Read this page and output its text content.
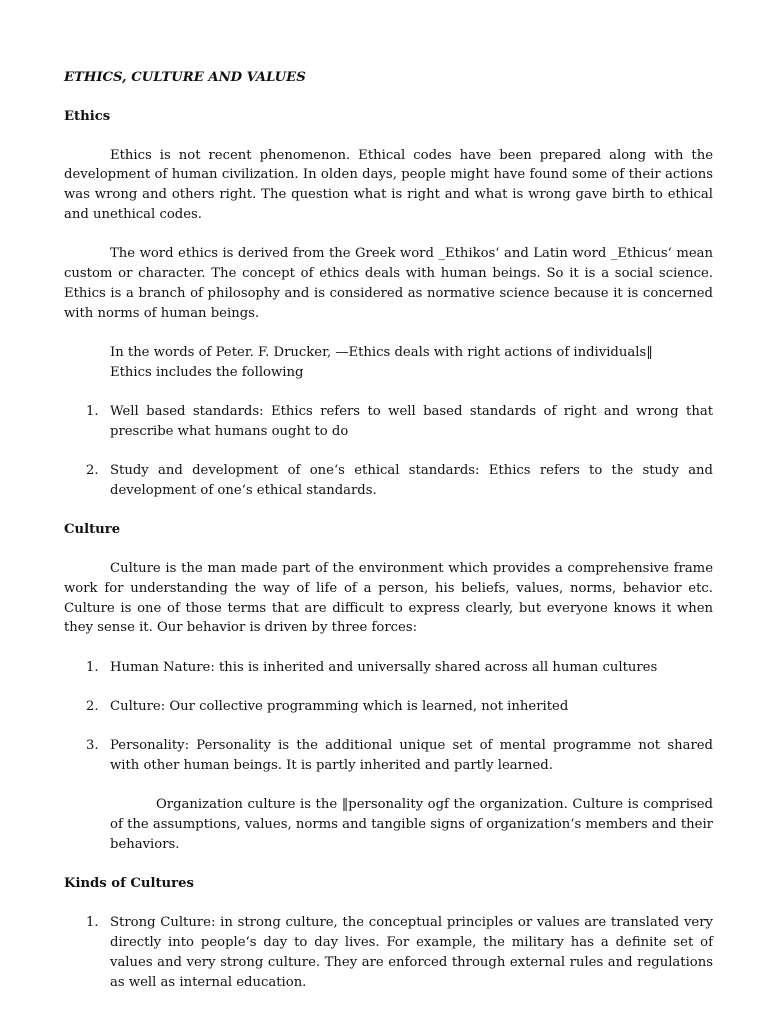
ETHICS, CULTURE AND VALUES

Ethics

Ethics is not recent phenomenon. Ethical codes have been prepared along with the development of human civilization. In olden days, people might have found some of their actions was wrong and others right. The question what is right and what is wrong gave birth to ethical and unethical codes.

The word ethics is derived from the Greek word _Ethikos‘ and Latin word _Ethicus‘ mean custom or character. The concept of ethics deals with human beings. So it is a social science. Ethics is a branch of philosophy and is considered as normative science because it is concerned with norms of human beings.

In the words of Peter. F. Drucker, —Ethics deals with right actions of individuals‖
Ethics includes the following
1. Well based standards: Ethics refers to well based standards of right and wrong that prescribe what humans ought to do
2. Study and development of one‘s ethical standards: Ethics refers to the study and development of one‘s ethical standards.

Culture

Culture is the man made part of the environment which provides a comprehensive frame work for understanding the way of life of a person, his beliefs, values, norms, behavior etc. Culture is one of those terms that are difficult to express clearly, but everyone knows it when they sense it. Our behavior is driven by three forces:

1. Human Nature: this is inherited and universally shared across all human cultures
2. Culture: Our collective programming which is learned, not inherited
3. Personality: Personality is the additional unique set of mental programme not shared with other human beings. It is partly inherited and partly learned.

Organization culture is the ‖personality ogf the organization. Culture is comprised of the assumptions, values, norms and tangible signs of organization‘s members and their behaviors.

Kinds of Cultures

1. Strong Culture: in strong culture, the conceptual principles or values are translated very directly into people‘s day to day lives. For example, the military has a definite set of values and very strong culture. They are enforced through external rules and regulations as well as internal education.
